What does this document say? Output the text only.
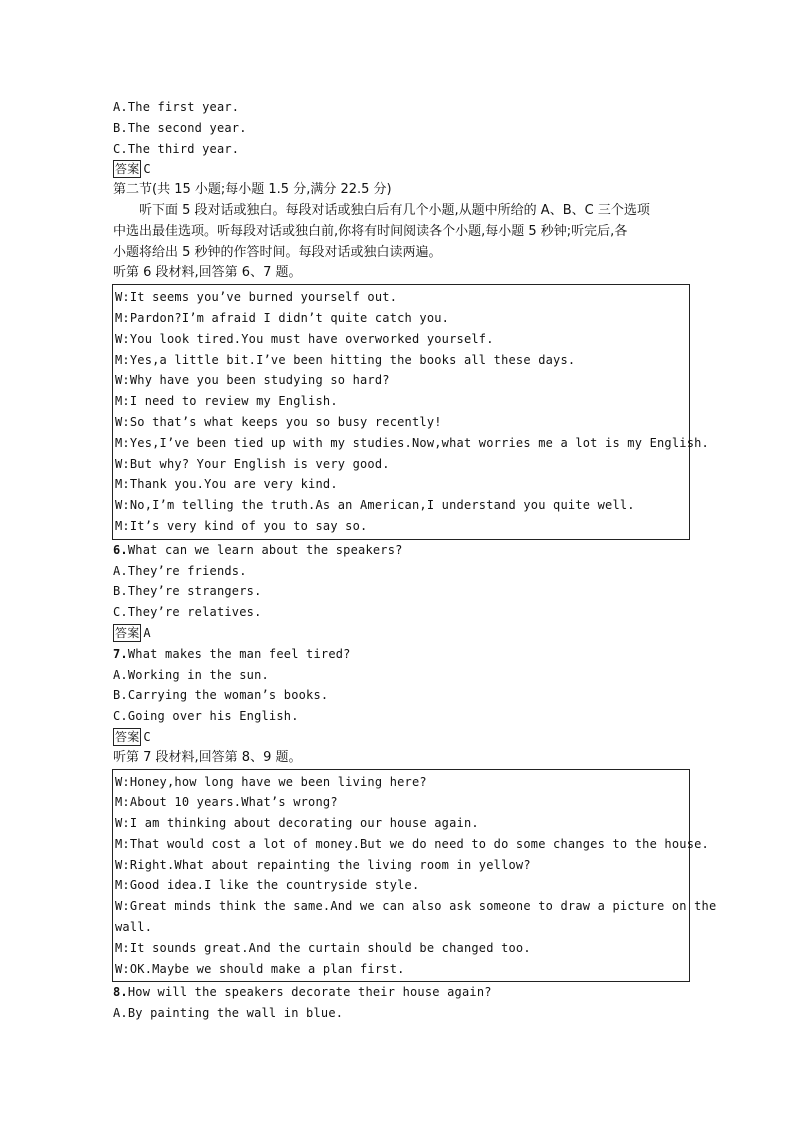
A.The first year.
B.The second year.
C.The third year.
答案 C
第二节(共 15 小题;每小题 1.5 分,满分 22.5 分)
听下面 5 段对话或独白。每段对话或独白后有几个小题,从题中所给的 A、B、C 三个选项
中选出最佳选项。听每段对话或独白前,你将有时间阅读各个小题,每小题 5 秒钟;听完后,各
小题将给出 5 秒钟的作答时间。每段对话或独白读两遍。
听第 6 段材料,回答第 6、7 题。
W:It seems you’ve burned yourself out.
M:Pardon?I’m afraid I didn’t quite catch you.
W:You look tired.You must have overworked yourself.
M:Yes,a little bit.I’ve been hitting the books all these days.
W:Why have you been studying so hard?
M:I need to review my English.
W:So that’s what keeps you so busy recently!
M:Yes,I’ve been tied up with my studies.Now,what worries me a lot is my English.
W:But why? Your English is very good.
M:Thank you.You are very kind.
W:No,I’m telling the truth.As an American,I understand you quite well.
M:It’s very kind of you to say so.
6.What can we learn about the speakers?
A.They’re friends.
B.They’re strangers.
C.They’re relatives.
答案 A
7.What makes the man feel tired?
A.Working in the sun.
B.Carrying the woman’s books.
C.Going over his English.
答案 C
听第 7 段材料,回答第 8、9 题。
W:Honey,how long have we been living here?
M:About 10 years.What’s wrong?
W:I am thinking about decorating our house again.
M:That would cost a lot of money.But we do need to do some changes to the house.
W:Right.What about repainting the living room in yellow?
M:Good idea.I like the countryside style.
W:Great minds think the same.And we can also ask someone to draw a picture on the
wall.
M:It sounds great.And the curtain should be changed too.
W:OK.Maybe we should make a plan first.
8.How will the speakers decorate their house again?
A.By painting the wall in blue.
